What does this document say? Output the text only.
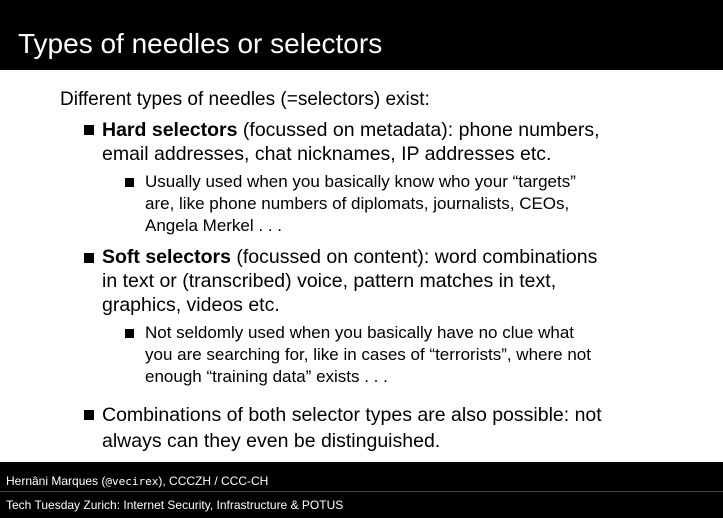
Types of needles or selectors
Different types of needles (=selectors) exist:
Hard selectors (focussed on metadata): phone numbers,
email addresses, chat nicknames, IP addresses etc.
Usually used when you basically know who your “targets”
are, like phone numbers of diplomats, journalists, CEOs,
Angela Merkel . . .
Soft selectors (focussed on content): word combinations
in text or (transcribed) voice, pattern matches in text,
graphics, videos etc.
Not seldomly used when you basically have no clue what
you are searching for, like in cases of “terrorists”, where not
enough “training data” exists . . .
Combinations of both selector types are also possible: not
always can they even be distinguished.
Hernâni Marques (@vecirex), CCCZH / CCC-CH
Tech Tuesday Zurich: Internet Security, Infrastructure & POTUS
